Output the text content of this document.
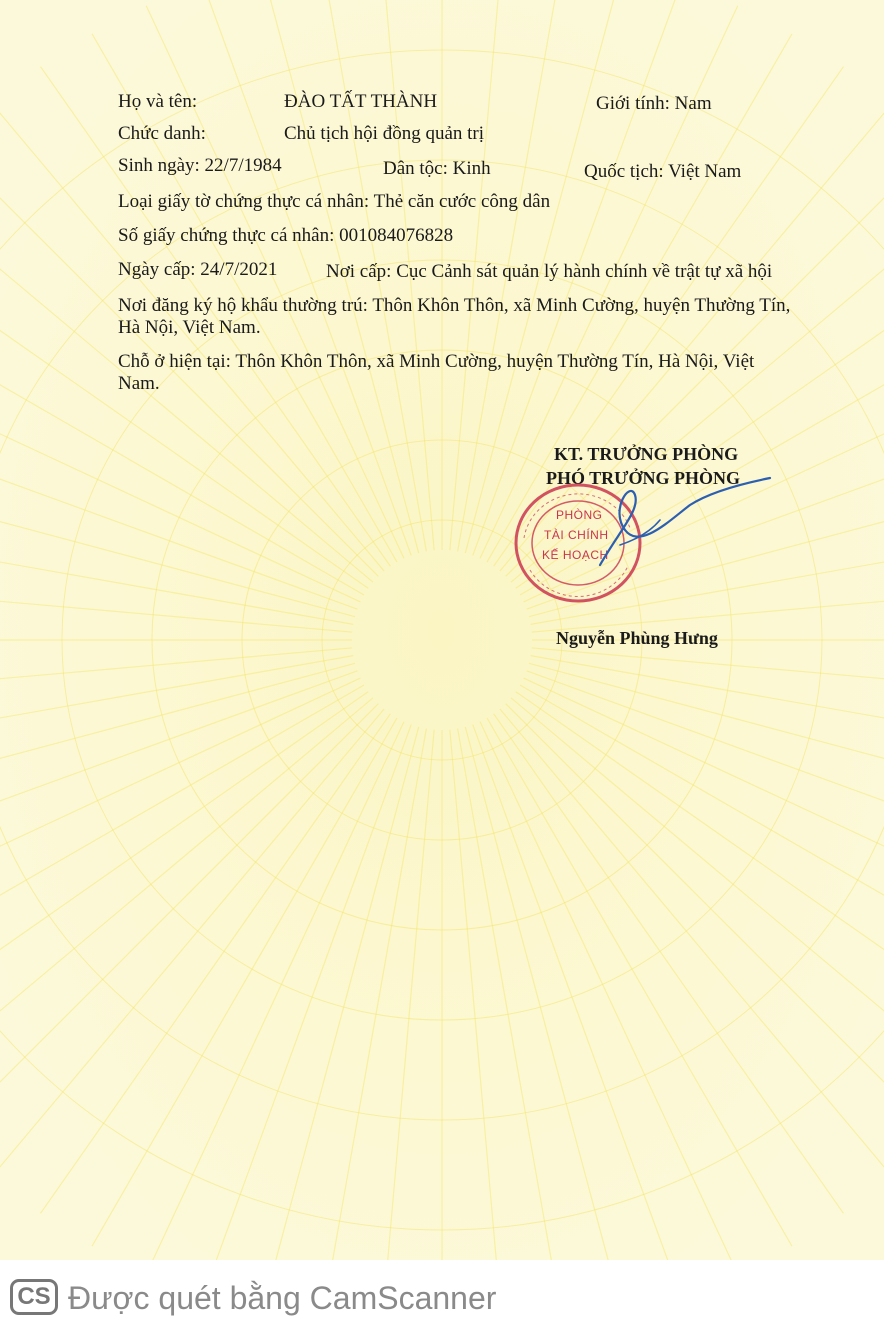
Họ và tên:	ĐÀO TẤT THÀNH	Giới tính: Nam
Chức danh:	Chủ tịch hội đồng quản trị
Sinh ngày: 22/7/1984	Dân tộc: Kinh	Quốc tịch: Việt Nam
Loại giấy tờ chứng thực cá nhân: Thẻ căn cước công dân
Số giấy chứng thực cá nhân: 001084076828
Ngày cấp: 24/7/2021	Nơi cấp: Cục Cảnh sát quản lý hành chính về trật tự xã hội
Nơi đăng ký hộ khẩu thường trú: Thôn Khôn Thôn, xã Minh Cường, huyện Thường Tín,
Hà Nội, Việt Nam.
Chỗ ở hiện tại: Thôn Khôn Thôn, xã Minh Cường, huyện Thường Tín, Hà Nội, Việt
Nam.
KT. TRƯỞNG PHÒNG
PHÓ TRƯỞNG PHÒNG
PHÒNG
TÀI CHÍNH
KẾ HOẠCH
Nguyễn Phùng Hưng
CS Được quét bằng CamScanner
